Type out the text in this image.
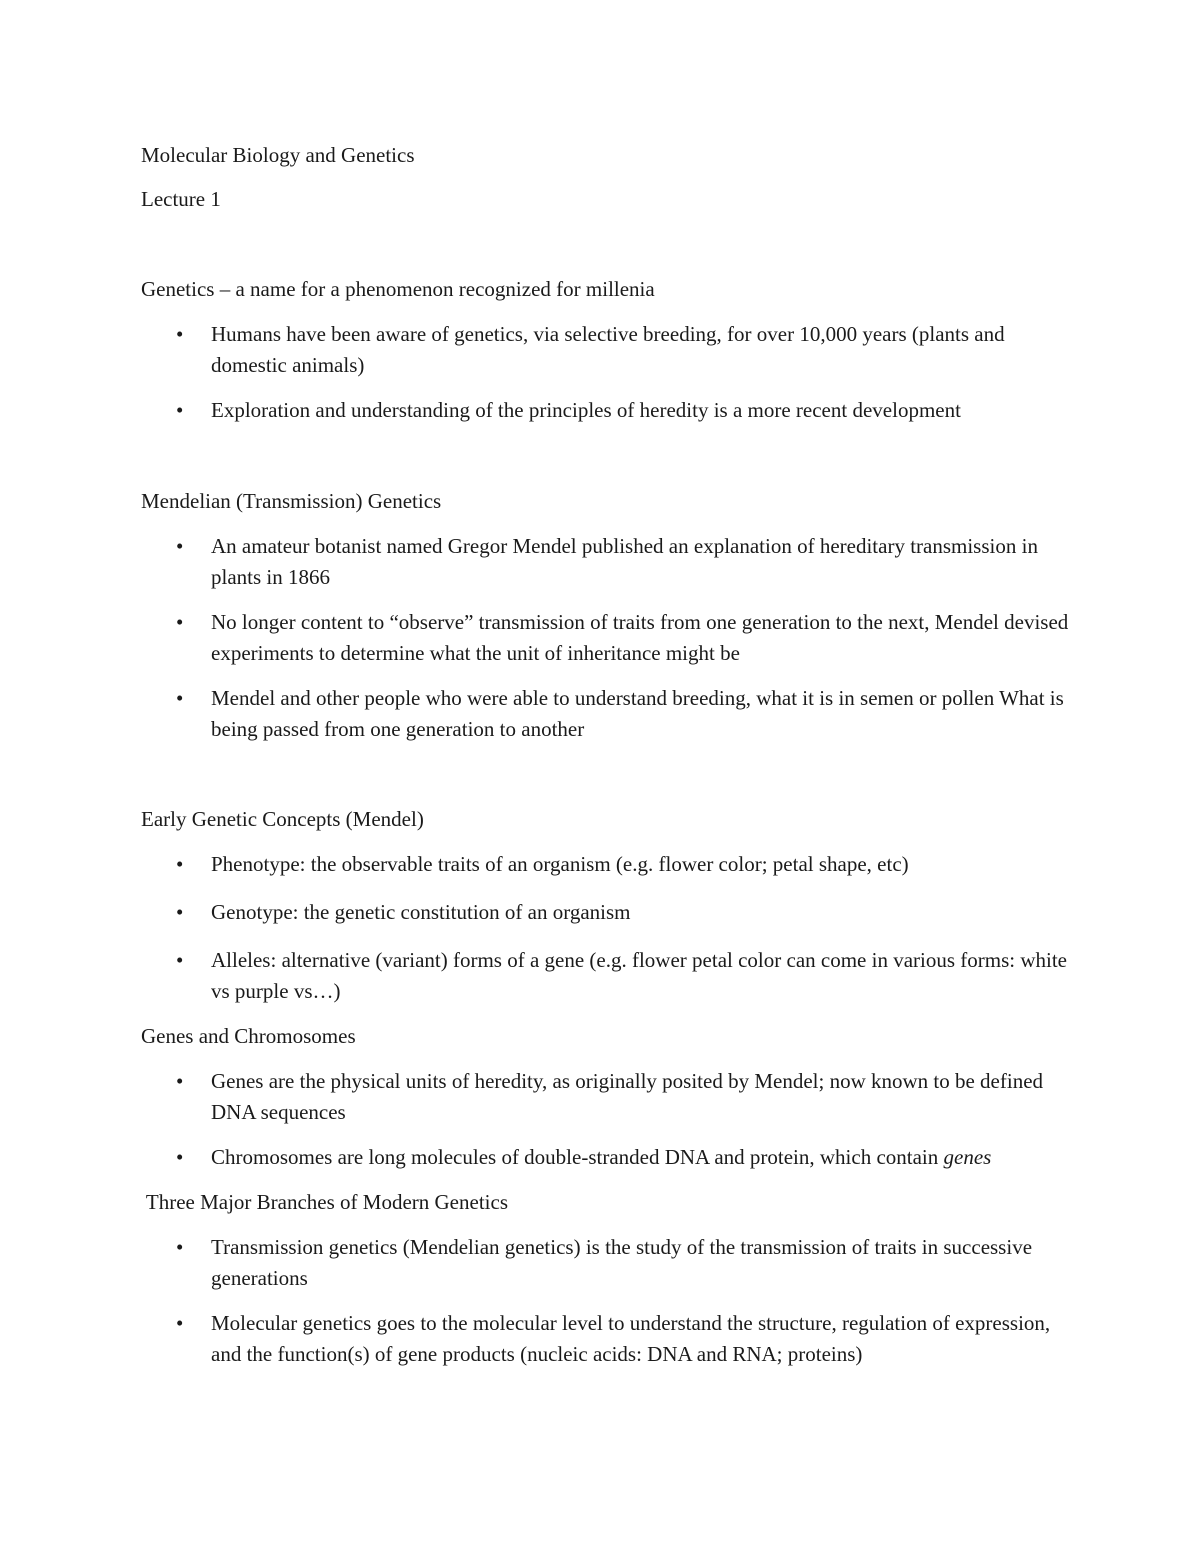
Molecular Biology and Genetics
Lecture 1
Genetics – a name for a phenomenon recognized for millenia
• Humans have been aware of genetics, via selective breeding, for over 10,000 years (plants and domestic animals)
• Exploration and understanding of the principles of heredity is a more recent development
Mendelian (Transmission) Genetics
• An amateur botanist named Gregor Mendel published an explanation of hereditary transmission in plants in 1866
• No longer content to “observe” transmission of traits from one generation to the next, Mendel devised experiments to determine what the unit of inheritance might be
• Mendel and other people who were able to understand breeding, what it is in semen or pollen What is being passed from one generation to another
Early Genetic Concepts (Mendel)
• Phenotype: the observable traits of an organism (e.g. flower color; petal shape, etc)
• Genotype: the genetic constitution of an organism
• Alleles: alternative (variant) forms of a gene (e.g. flower petal color can come in various forms: white vs purple vs…)
Genes and Chromosomes
• Genes are the physical units of heredity, as originally posited by Mendel; now known to be defined DNA sequences
• Chromosomes are long molecules of double-stranded DNA and protein, which contain genes
Three Major Branches of Modern Genetics
• Transmission genetics (Mendelian genetics) is the study of the transmission of traits in successive generations
• Molecular genetics goes to the molecular level to understand the structure, regulation of expression, and the function(s) of gene products (nucleic acids: DNA and RNA; proteins)
